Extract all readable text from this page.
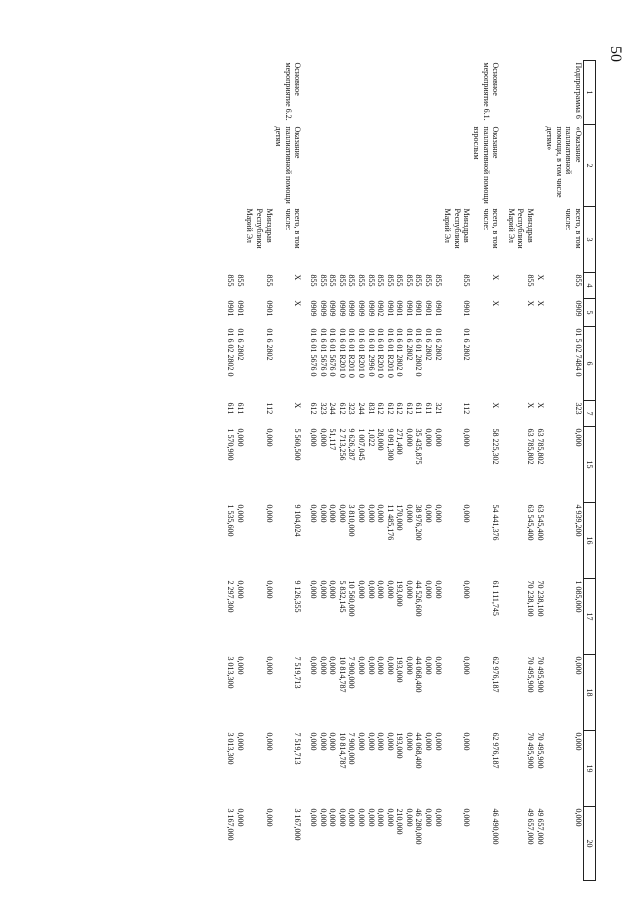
50
1	2	3	4	5	6	7	15	16	17	18	19	20
Подпрограмма 6	«Оказание паллиативной помощи, в том числе детям»	всего, в том числе:	855	0909	01 5 02 7484 0	323	0,000	4 939,200	1 085,000	0,000	0,000	0,000
			X	X		X	63 785,802	63 545,400	70 238,100	70 495,900	70 495,900	49 657,000
		Минздрав Республики Марий Эл	855	X		X	63 785,802	63 545,400	70 238,100	70 495,900	70 495,900	49 657,000

Основное мероприятие 6.1.	Оказание паллиативной помощи взрослым	всего, в том числе:	X	X		X	58 225,302	54 441,376	61 111,745	62 976,187	62 976,187	46 490,000
		Минздрав Республики Марий Эл	855	0901	01 6 2802	112	0,000	0,000	0,000	0,000	0,000	0,000
			855	0901	01 6 2802	321	0,000	0,000	0,000	0,000	0,000	0,000
			855	0901	01 6 2802	611	0,000	0,000	0,000	0,000	0,000	0,000
			855	0901	01 6 01 2802 0	611	35 435,875	38 976,200	44 526,600	44 068,400	44 068,400	46 280,000
			855	0901	01 6 2802	612	0,000	0,000	0,000	0,000	0,000	0,000
			855	0901	01 6 01 2802 0	612	271,400	170,000	193,000	193,000	193,000	210,000
			855	0901	01 6 01 R201 0	612	9 091,300	11 485,176	0,000	0,000	0,000	0,000
			855	0902	01 6 01 R201 0	612	28,000	0,000	0,000	0,000	0,000	0,000
			855	0909	01 6 01 2996 0	831	1,022	0,000	0,000	0,000	0,000	0,000
			855	0909	01 6 01 R201 0	244	1 007,045	0,000	0,000	0,000	0,000	0,000
			855	0909	01 6 01 R201 0	323	9 626,287	3 810,000	10 560,000	7 900,000	7 900,000	0,000
			855	0909	01 6 01 R201 0	612	2 713,256	0,000	5 832,145	10 814,787	10 814,787	0,000
			855	0909	01 6 01 5676 0	244	51,117	0,000	0,000	0,000	0,000	0,000
			855	0909	01 6 01 5676 0	323	0,000	0,000	0,000	0,000	0,000	0,000
			855	0909	01 6 01 5676 0	612	0,000	0,000	0,000	0,000	0,000	0,000

Основное мероприятие 6.2.	Оказание паллиативной помощи детям	всего, в том числе:	X	X		X	5 560,500	9 104,024	9 126,355	7 519,713	7 519,713	3 167,000
		Минздрав Республики Марий Эл	855	0901	01 6 2802	112	0,000	0,000	0,000	0,000	0,000	0,000
			855	0901	01 6 2802	611	0,000	0,000	0,000	0,000	0,000	0,000
			855	0901	01 6 02 2802 0	611	1 570,900	1 535,600	2 297,300	3 013,300	3 013,300	3 167,000
